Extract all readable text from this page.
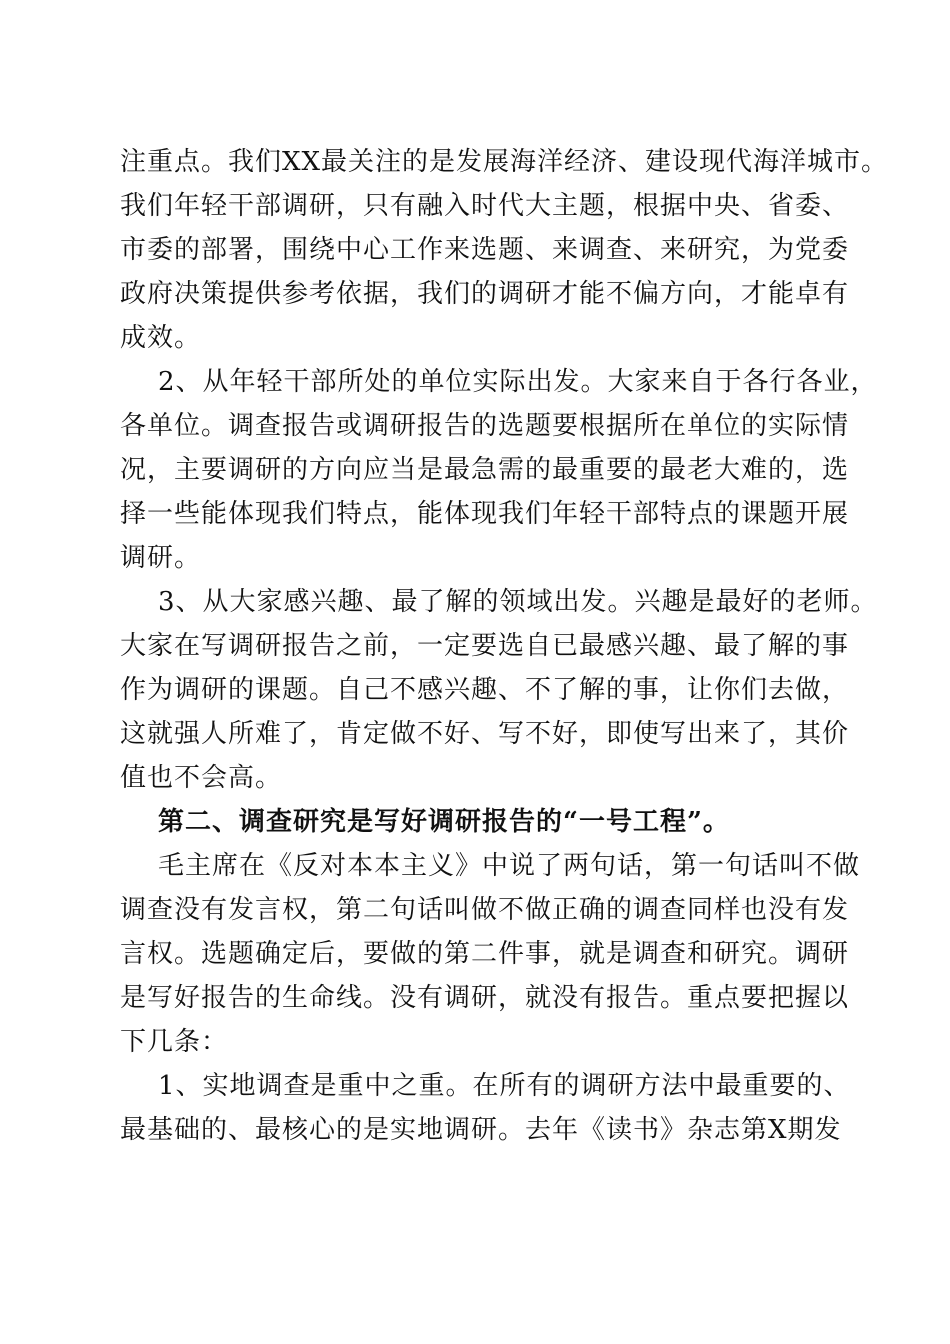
注重点。我们XX最关注的是发展海洋经济、建设现代海洋城市。
我们年轻干部调研，只有融入时代大主题，根据中央、省委、
市委的部署，围绕中心工作来选题、来调查、来研究，为党委
政府决策提供参考依据，我们的调研才能不偏方向，才能卓有
成效。
2、从年轻干部所处的单位实际出发。大家来自于各行各业，
各单位。调查报告或调研报告的选题要根据所在单位的实际情
况，主要调研的方向应当是最急需的最重要的最老大难的，选
择一些能体现我们特点，能体现我们年轻干部特点的课题开展
调研。
3、从大家感兴趣、最了解的领域出发。兴趣是最好的老师。
大家在写调研报告之前，一定要选自已最感兴趣、最了解的事
作为调研的课题。自己不感兴趣、不了解的事，让你们去做，
这就强人所难了，肯定做不好、写不好，即使写出来了，其价
值也不会高。
第二、调查研究是写好调研报告的“一号工程”。
毛主席在《反对本本主义》中说了两句话，第一句话叫不做
调查没有发言权，第二句话叫做不做正确的调查同样也没有发
言权。选题确定后，要做的第二件事，就是调查和研究。调研
是写好报告的生命线。没有调研，就没有报告。重点要把握以
下几条：
1、实地调查是重中之重。在所有的调研方法中最重要的、
最基础的、最核心的是实地调研。去年《读书》杂志第X期发
